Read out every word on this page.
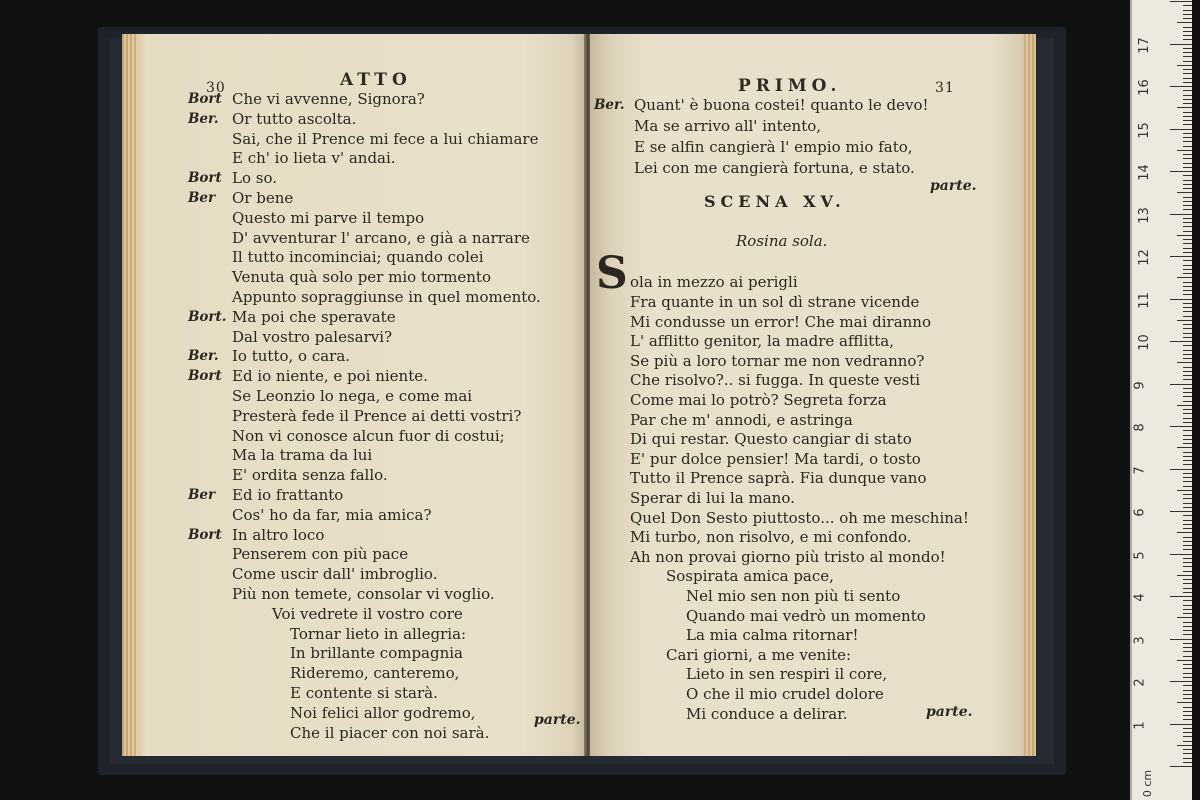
30	ATTO
Bort Che vi avvenne, Signora?
Ber. Or tutto ascolta.
Sai, che il Prence mi fece a lui chiamare
E ch' io lieta v' andai.
Bort Lo so.
Ber Or bene
Questo mi parve il tempo
D' avventurar l' arcano, e già a narrare
Il tutto incominciai; quando colei
Venuta quà solo per mio tormento
Appunto sopraggiunse in quel momento.
Bort. Ma poi che speravate
Dal vostro palesarvi?
Ber. Io tutto, o cara.
Bort Ed io niente, e poi niente.
Se Leonzio lo nega, e come mai
Presterà fede il Prence ai detti vostri?
Non vi conosce alcun fuor di costui;
Ma la trama da lui
E' ordita senza fallo.
Ber Ed io frattanto
Cos' ho da far, mia amica?
Bort In altro loco
Penserem con più pace
Come uscir dall' imbroglio.
Più non temete, consolar vi voglio.
Voi vedrete il vostro core
Tornar lieto in allegria:
In brillante compagnia
Rideremo, canteremo,
E contente si starà.
Noi felici allor godremo,
Che il piacer con noi sarà.
parte.
PRIMO.	31
Ber. Quant' è buona costei! quanto le devo!
Ma se arrivo all' intento,
E se alfin cangierà l' empio mio fato,
Lei con me cangierà fortuna, e stato.
parte.
SCENA XV.
Rosina sola.
S ola in mezzo ai perigli
Fra quante in un sol dì strane vicende
Mi condusse un error! Che mai diranno
L' afflitto genitor, la madre afflitta,
Se più a loro tornar me non vedranno?
Che risolvo?.. si fugga. In queste vesti
Come mai lo potrò? Segreta forza
Par che m' annodi, e astringa
Di qui restar. Questo cangiar di stato
E' pur dolce pensier! Ma tardi, o tosto
Tutto il Prence saprà. Fia dunque vano
Sperar di lui la mano.
Quel Don Sesto piuttosto... oh me meschina!
Mi turbo, non risolvo, e mi confondo.
Ah non provai giorno più tristo al mondo!
Sospirata amica pace,
Nel mio sen non più ti sento
Quando mai vedrò un momento
La mia calma ritornar!
Cari giorni, a me venite:
Lieto in sen respiri il core,
O che il mio crudel dolore
Mi conduce a delirar.	parte.
17
16
15
14
13
12
11
10
9
8
7
6
5
4
3
2
1
0 cm
